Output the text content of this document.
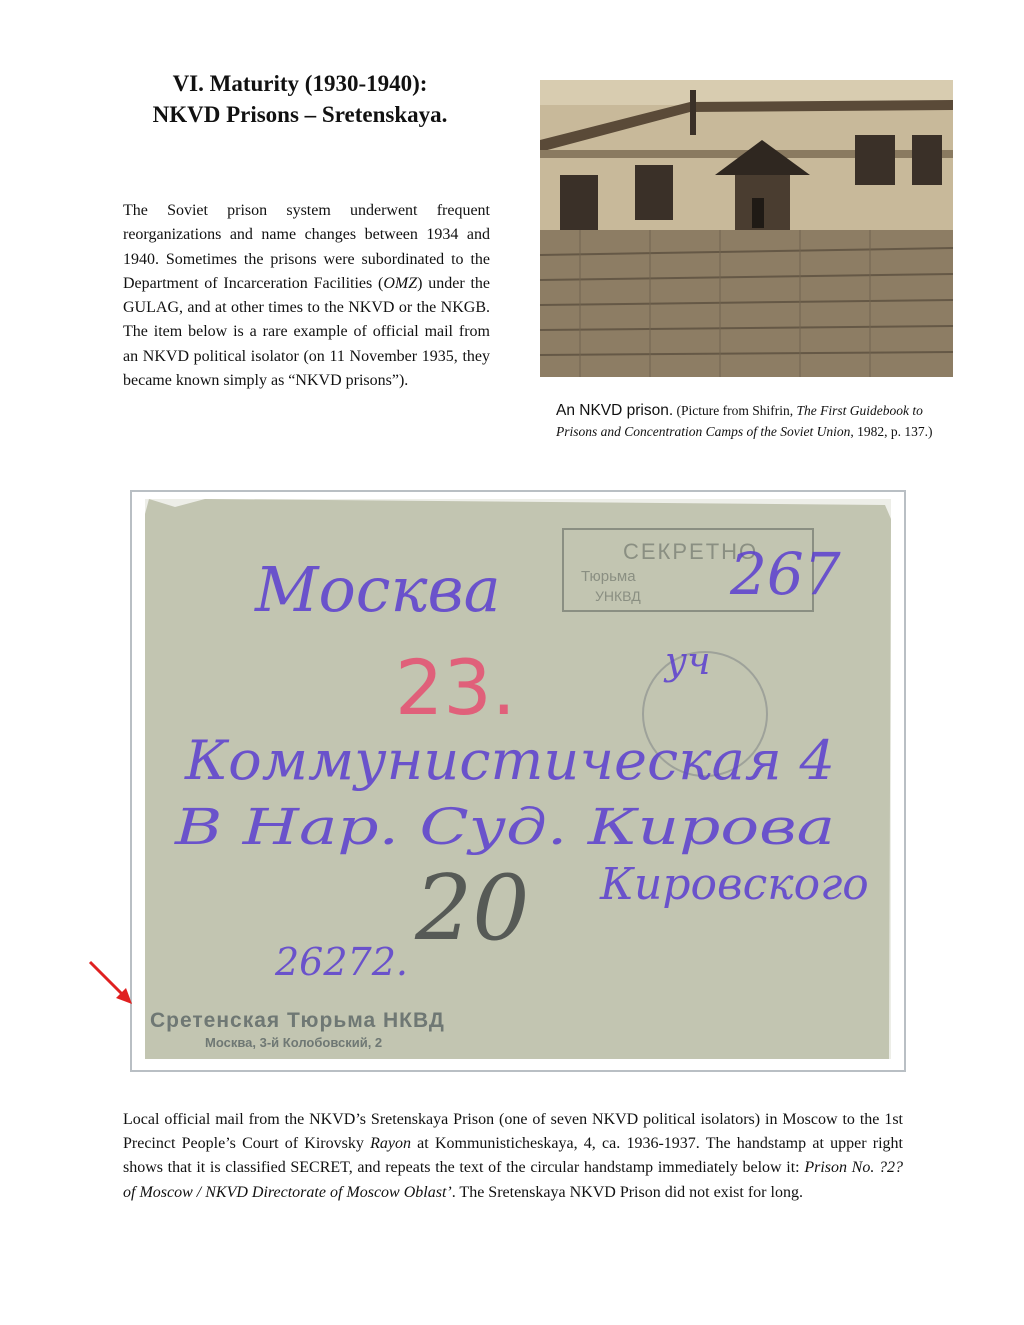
VI. Maturity (1930-1940):
NKVD Prisons – Sretenskaya.
The Soviet prison system underwent frequent reorganizations and name changes between 1934 and 1940. Sometimes the prisons were subordinated to the Department of Incarceration Facilities (OMZ) under the GULAG, and at other times to the NKVD or the NKGB. The item below is a rare example of official mail from an NKVD political isolator (on 11 November 1935, they became known simply as “NKVD prisons”).
An NKVD prison. (Picture from Shifrin, The First Guidebook to Prisons and Concentration Camps of the Soviet Union, 1982, p. 137.)
СЕКРЕТНО
Тюрьма
УНКВД
Москва
23.
267
уч
Коммунистическая 4
В Нар. Суд. Кирова
Кировского
20
26272.
Сретенская Тюрьма НКВД
Москва, 3-й Колобовский, 2
Local official mail from the NKVD’s Sretenskaya Prison (one of seven NKVD political isolators) in Moscow to the 1st Precinct People’s Court of Kirovsky Rayon at Kommunisticheskaya, 4, ca. 1936-1937. The handstamp at upper right shows that it is classified SECRET, and repeats the text of the circular handstamp immediately below it: Prison No. ?2? of Moscow / NKVD Directorate of Moscow Oblast’. The Sretenskaya NKVD Prison did not exist for long.
